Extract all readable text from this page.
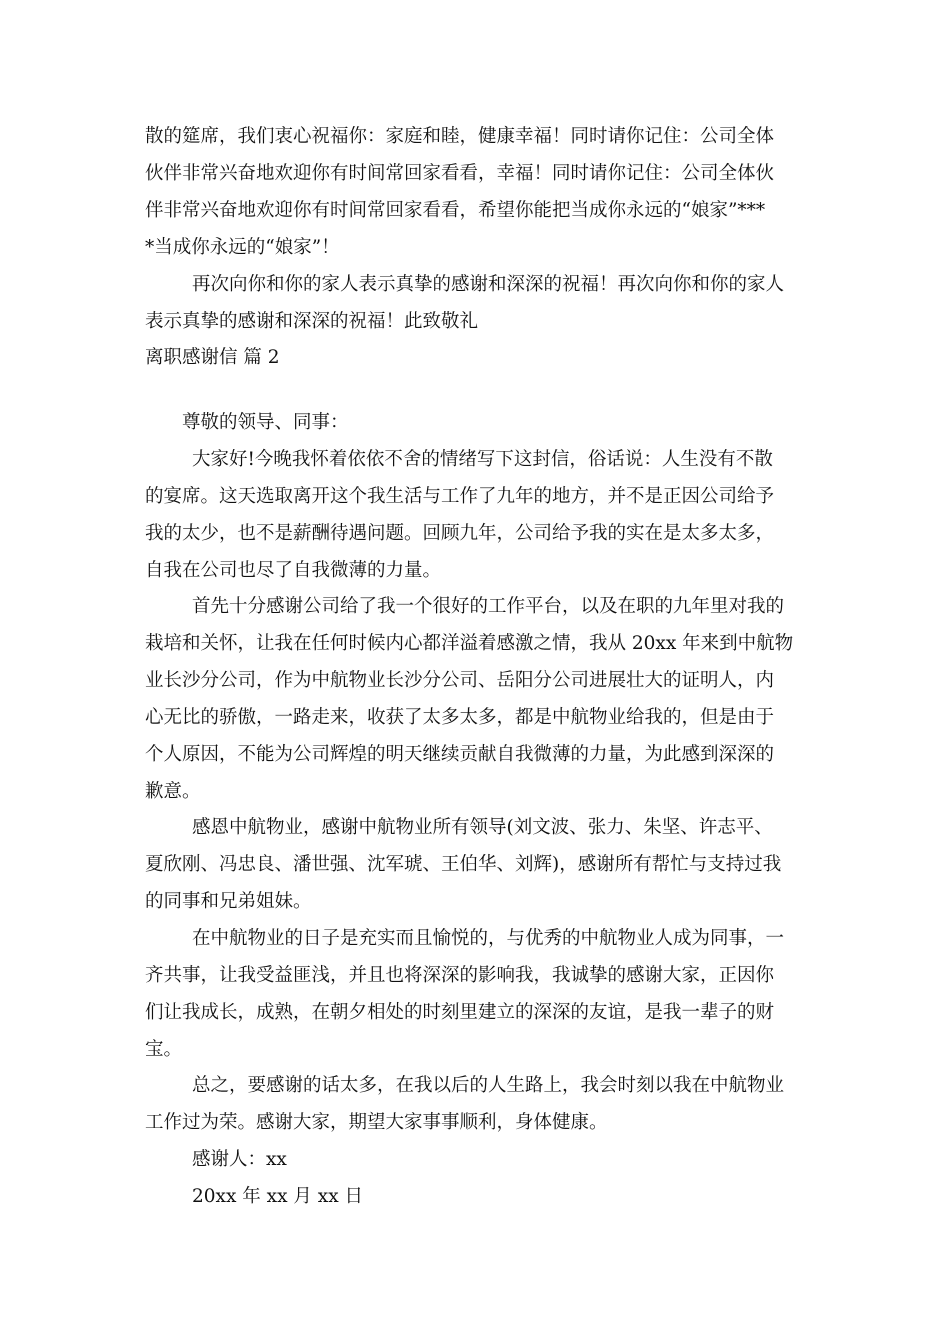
散的筵席，我们衷心祝福你：家庭和睦，健康幸福！同时请你记住：公司全体
伙伴非常兴奋地欢迎你有时间常回家看看，幸福！同时请你记住：公司全体伙
伴非常兴奋地欢迎你有时间常回家看看，希望你能把当成你永远的“娘家”***
*当成你永远的“娘家”！
再次向你和你的家人表示真挚的感谢和深深的祝福！再次向你和你的家人
表示真挚的感谢和深深的祝福！此致敬礼
离职感谢信 篇 2
尊敬的领导、同事：
大家好!今晚我怀着依依不舍的情绪写下这封信，俗话说：人生没有不散
的宴席。这天选取离开这个我生活与工作了九年的地方，并不是正因公司给予
我的太少，也不是薪酬待遇问题。回顾九年，公司给予我的实在是太多太多，
自我在公司也尽了自我微薄的力量。
首先十分感谢公司给了我一个很好的工作平台，以及在职的九年里对我的
栽培和关怀，让我在任何时候内心都洋溢着感激之情，我从 20xx 年来到中航物
业长沙分公司，作为中航物业长沙分公司、岳阳分公司进展壮大的证明人，内
心无比的骄傲，一路走来，收获了太多太多，都是中航物业给我的，但是由于
个人原因，不能为公司辉煌的明天继续贡献自我微薄的力量，为此感到深深的
歉意。
感恩中航物业，感谢中航物业所有领导(刘文波、张力、朱坚、许志平、
夏欣刚、冯忠良、潘世强、沈军琥、王伯华、刘辉)，感谢所有帮忙与支持过我
的同事和兄弟姐妹。
在中航物业的日子是充实而且愉悦的，与优秀的中航物业人成为同事，一
齐共事，让我受益匪浅，并且也将深深的影响我，我诚挚的感谢大家，正因你
们让我成长，成熟，在朝夕相处的时刻里建立的深深的友谊，是我一辈子的财
宝。
总之，要感谢的话太多，在我以后的人生路上，我会时刻以我在中航物业
工作过为荣。感谢大家，期望大家事事顺利，身体健康。
感谢人：xx
20xx 年 xx 月 xx 日
